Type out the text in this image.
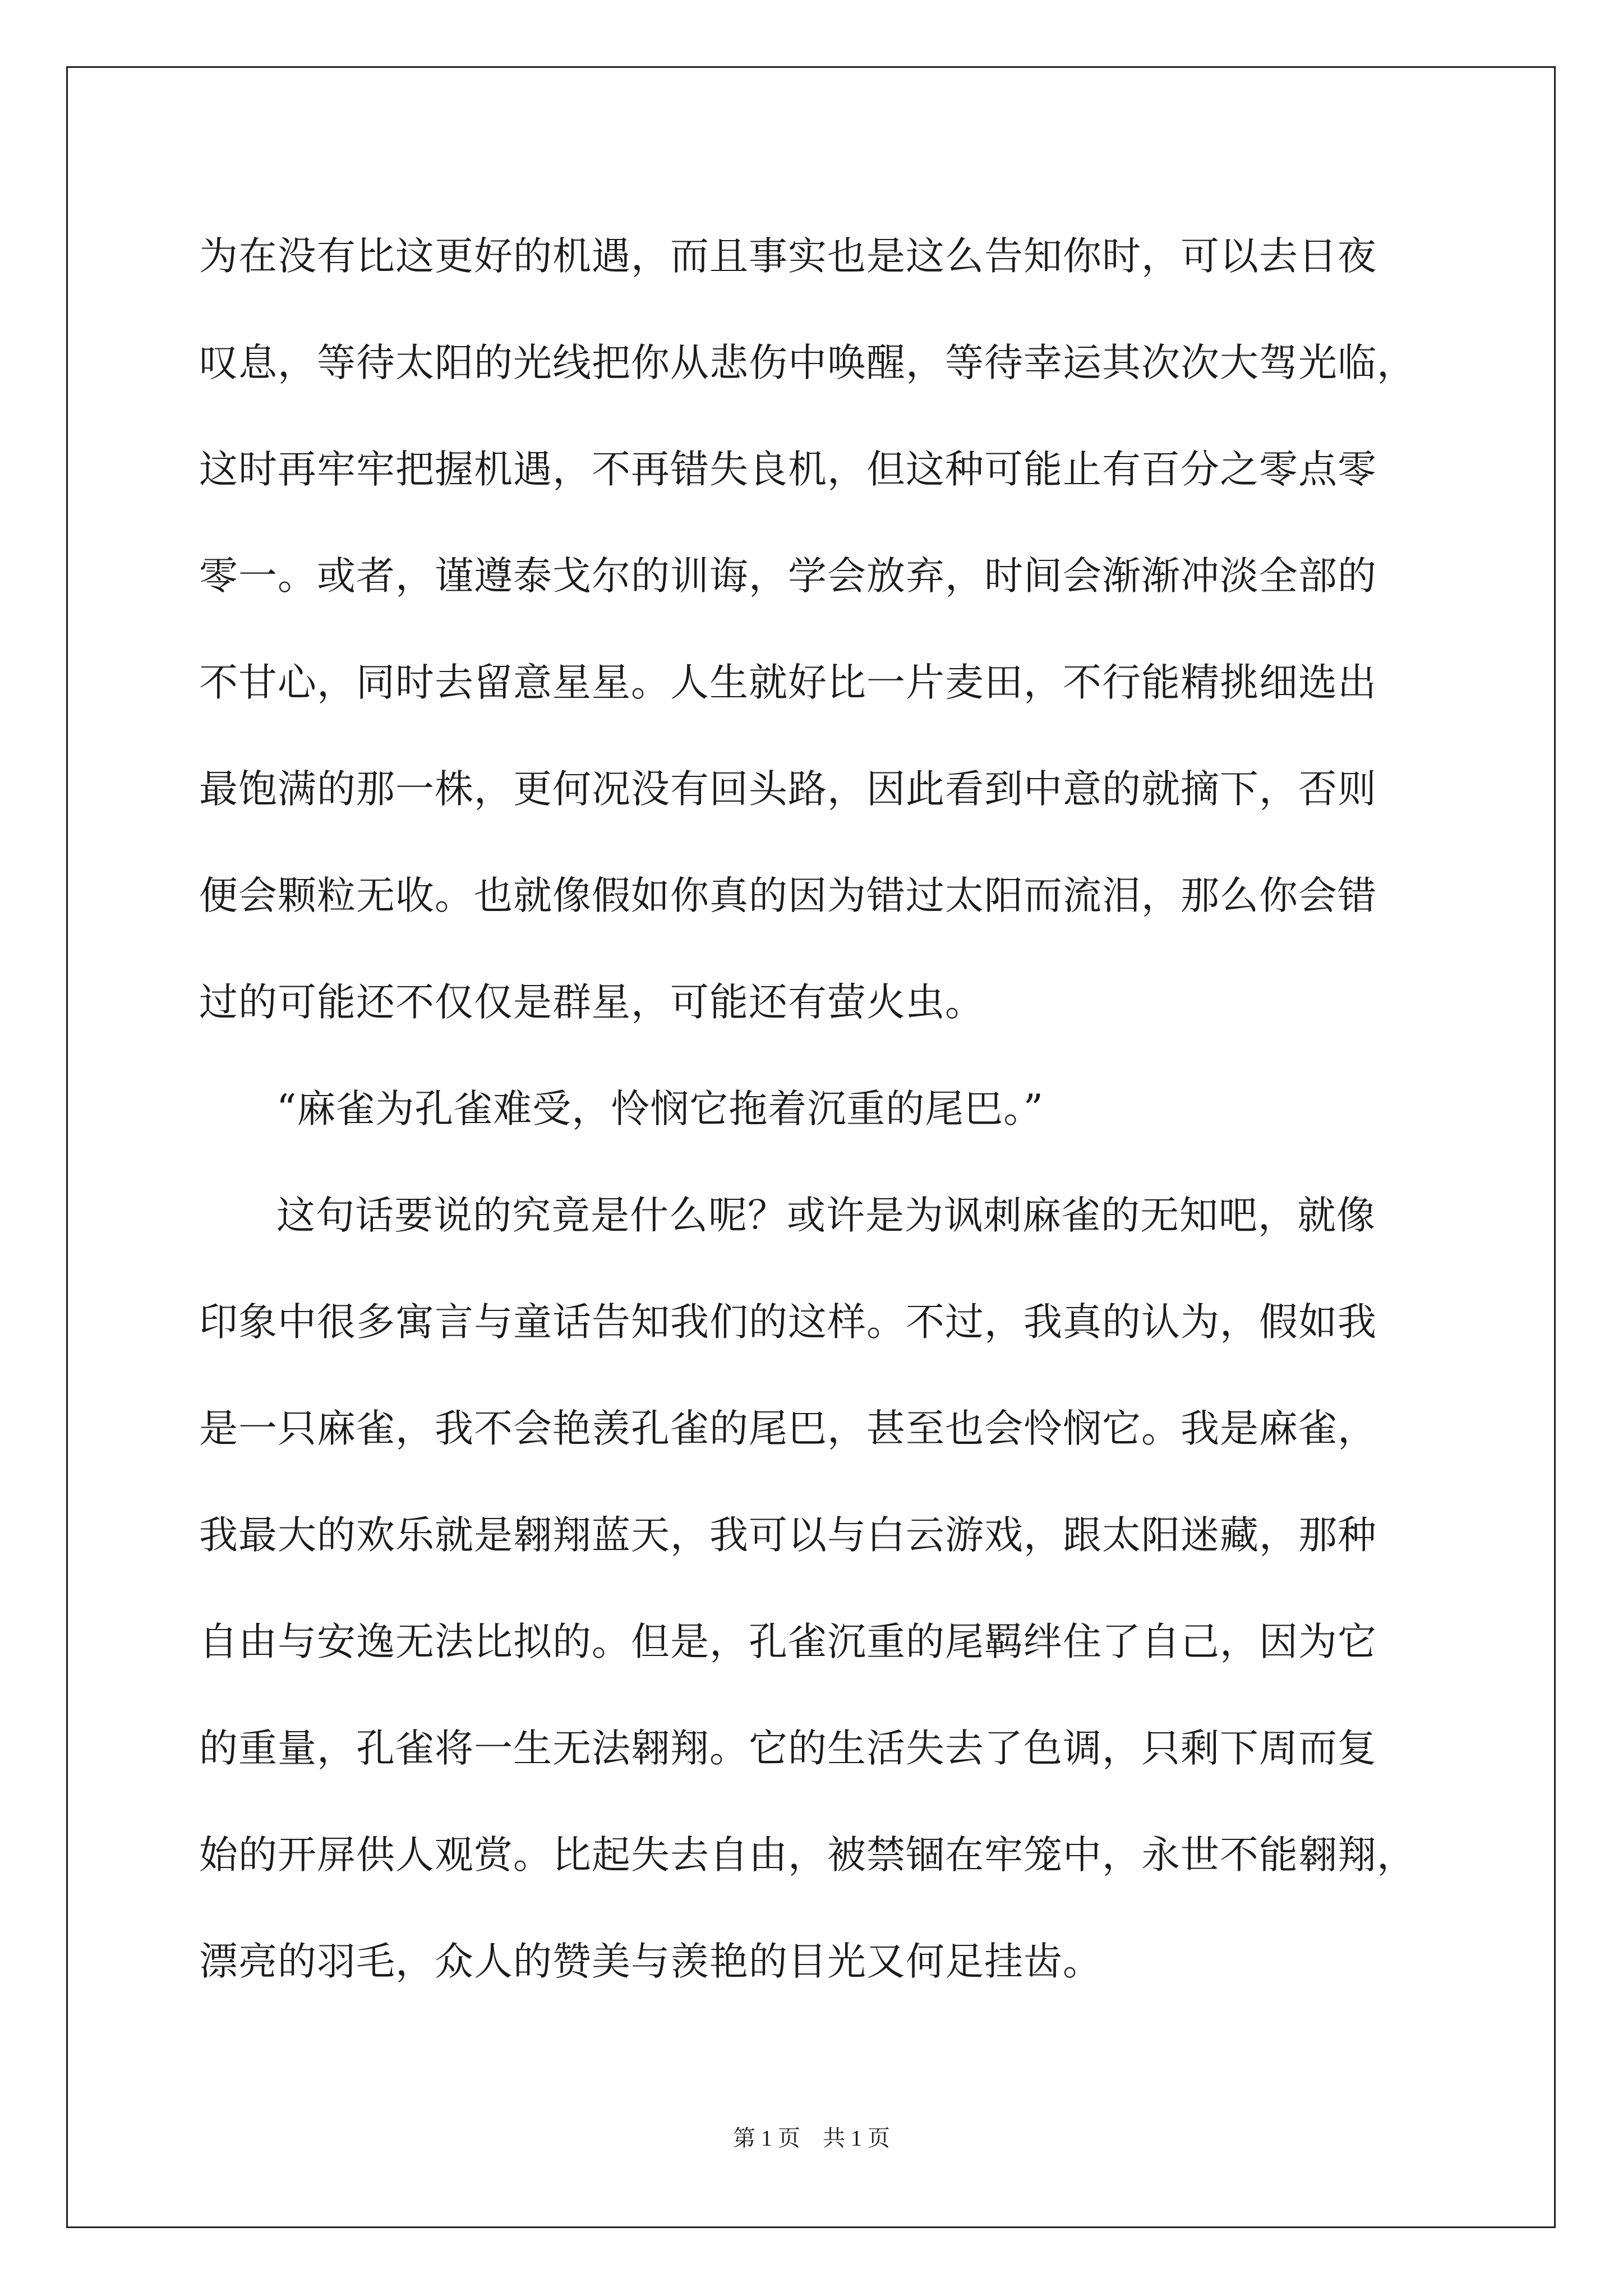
为在没有比这更好的机遇，而且事实也是这么告知你时，可以去日夜
叹息，等待太阳的光线把你从悲伤中唤醒，等待幸运其次次大驾光临，
这时再牢牢把握机遇，不再错失良机，但这种可能止有百分之零点零
零一。或者，谨遵泰戈尔的训诲，学会放弃，时间会渐渐冲淡全部的
不甘心，同时去留意星星。人生就好比一片麦田，不行能精挑细选出
最饱满的那一株，更何况没有回头路，因此看到中意的就摘下，否则
便会颗粒无收。也就像假如你真的因为错过太阳而流泪，那么你会错
过的可能还不仅仅是群星，可能还有萤火虫。
“麻雀为孔雀难受，怜悯它拖着沉重的尾巴。”
这句话要说的究竟是什么呢？或许是为讽刺麻雀的无知吧，就像
印象中很多寓言与童话告知我们的这样。不过，我真的认为，假如我
是一只麻雀，我不会艳羡孔雀的尾巴，甚至也会怜悯它。我是麻雀，
我最大的欢乐就是翱翔蓝天，我可以与白云游戏，跟太阳迷藏，那种
自由与安逸无法比拟的。但是，孔雀沉重的尾羁绊住了自己，因为它
的重量，孔雀将一生无法翱翔。它的生活失去了色调，只剩下周而复
始的开屏供人观赏。比起失去自由，被禁锢在牢笼中，永世不能翱翔，
漂亮的羽毛，众人的赞美与羡艳的目光又何足挂齿。
第 1 页　共 1 页
